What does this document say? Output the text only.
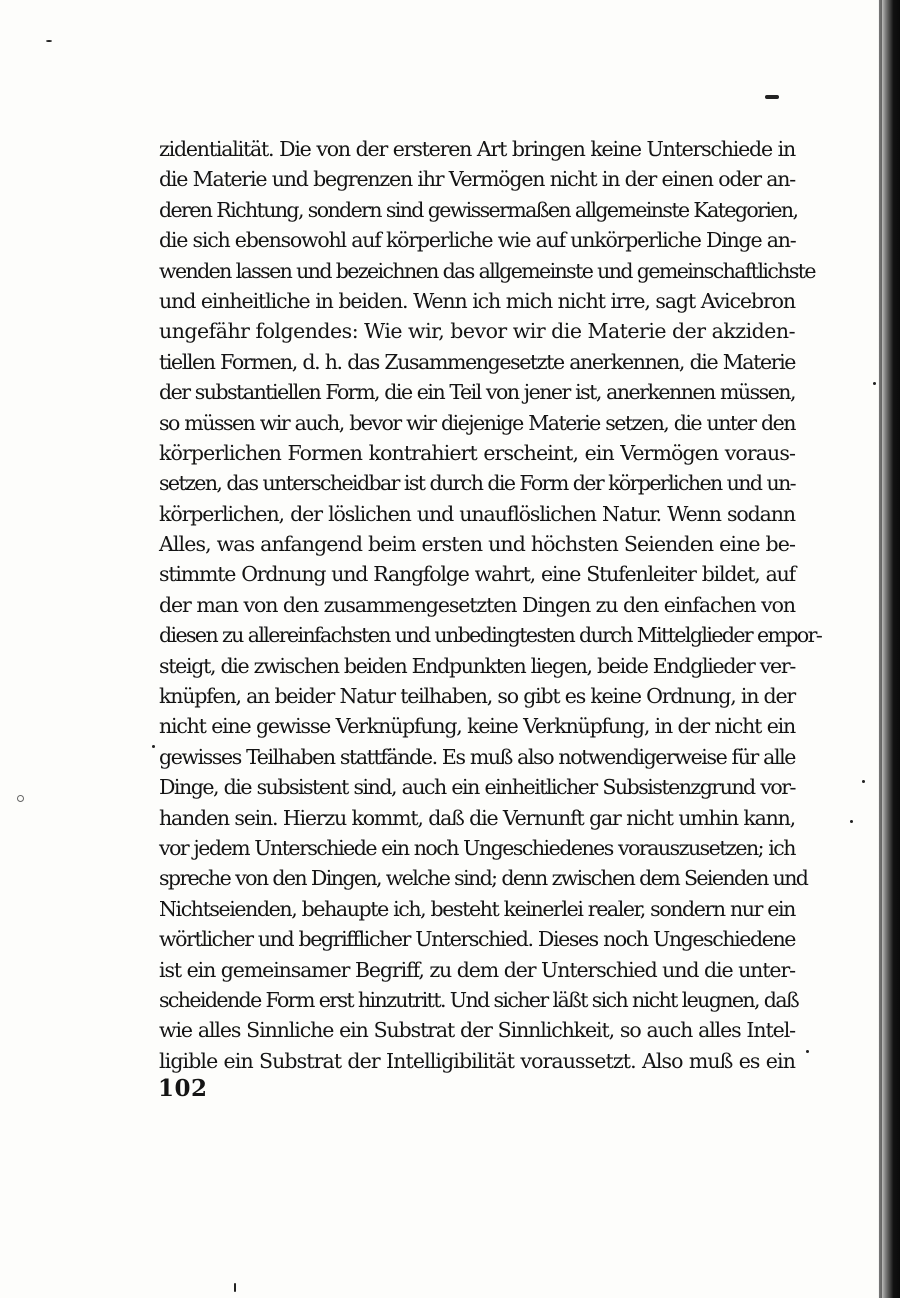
zidentialität. Die von der ersteren Art bringen keine Unterschiede in
die Materie und begrenzen ihr Vermögen nicht in der einen oder an-
deren Richtung, sondern sind gewissermaßen allgemeinste Kategorien,
die sich ebensowohl auf körperliche wie auf unkörperliche Dinge an-
wenden lassen und bezeichnen das allgemeinste und gemeinschaftlichste
und einheitliche in beiden. Wenn ich mich nicht irre, sagt Avicebron
ungefähr folgendes: Wie wir, bevor wir die Materie der akziden-
tiellen Formen, d. h. das Zusammengesetzte anerkennen, die Materie
der substantiellen Form, die ein Teil von jener ist, anerkennen müssen,
so müssen wir auch, bevor wir diejenige Materie setzen, die unter den
körperlichen Formen kontrahiert erscheint, ein Vermögen voraus-
setzen, das unterscheidbar ist durch die Form der körperlichen und un-
körperlichen, der löslichen und unauflöslichen Natur. Wenn sodann
Alles, was anfangend beim ersten und höchsten Seienden eine be-
stimmte Ordnung und Rangfolge wahrt, eine Stufenleiter bildet, auf
der man von den zusammengesetzten Dingen zu den einfachen von
diesen zu allereinfachsten und unbedingtesten durch Mittelglieder empor-
steigt, die zwischen beiden Endpunkten liegen, beide Endglieder ver-
knüpfen, an beider Natur teilhaben, so gibt es keine Ordnung, in der
nicht eine gewisse Verknüpfung, keine Verknüpfung, in der nicht ein
gewisses Teilhaben stattfände. Es muß also notwendigerweise für alle
Dinge, die subsistent sind, auch ein einheitlicher Subsistenzgrund vor-
handen sein. Hierzu kommt, daß die Vernunft gar nicht umhin kann,
vor jedem Unterschiede ein noch Ungeschiedenes vorauszusetzen; ich
spreche von den Dingen, welche sind; denn zwischen dem Seienden und
Nichtseienden, behaupte ich, besteht keinerlei realer, sondern nur ein
wörtlicher und begrifflicher Unterschied. Dieses noch Ungeschiedene
ist ein gemeinsamer Begriff, zu dem der Unterschied und die unter-
scheidende Form erst hinzutritt. Und sicher läßt sich nicht leugnen, daß
wie alles Sinnliche ein Substrat der Sinnlichkeit, so auch alles Intel-
ligible ein Substrat der Intelligibilität voraussetzt. Also muß es ein
102
